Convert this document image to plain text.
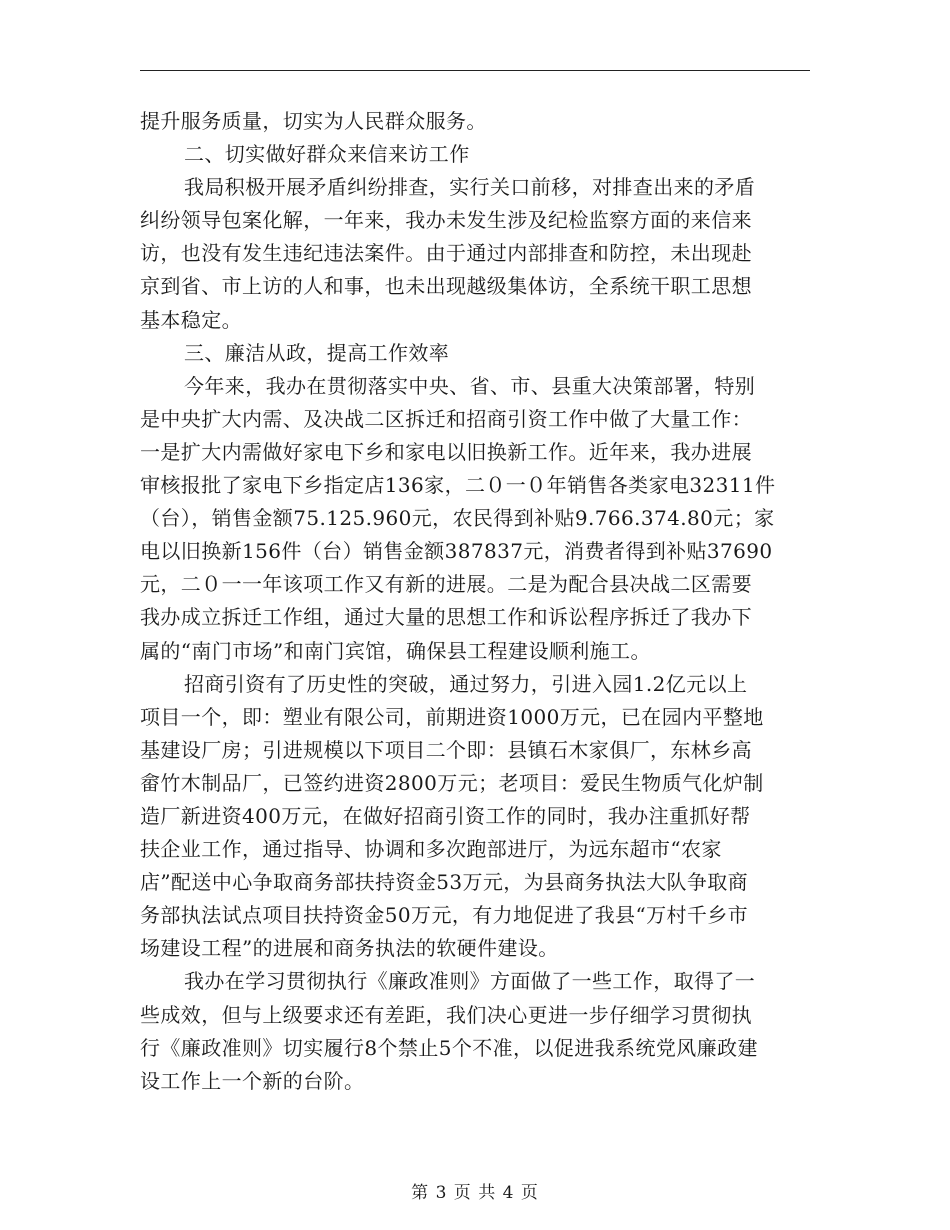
提升服务质量，切实为人民群众服务。
二、切实做好群众来信来访工作
我局积极开展矛盾纠纷排查，实行关口前移，对排查出来的矛盾
纠纷领导包案化解，一年来，我办未发生涉及纪检监察方面的来信来
访，也没有发生违纪违法案件。由于通过内部排查和防控，未出现赴
京到省、市上访的人和事，也未出现越级集体访，全系统干职工思想
基本稳定。
三、廉洁从政，提高工作效率
今年来，我办在贯彻落实中央、省、市、县重大决策部署，特别
是中央扩大内需、及决战二区拆迁和招商引资工作中做了大量工作：
一是扩大内需做好家电下乡和家电以旧换新工作。近年来，我办进展
审核报批了家电下乡指定店136家，二０一０年销售各类家电32311件
（台），销售金额75.125.960元，农民得到补贴9.766.374.80元；家
电以旧换新156件（台）销售金额387837元，消费者得到补贴37690
元，二０一一年该项工作又有新的进展。二是为配合县决战二区需要
我办成立拆迁工作组，通过大量的思想工作和诉讼程序拆迁了我办下
属的“南门市场”和南门宾馆，确保县工程建设顺利施工。
招商引资有了历史性的突破，通过努力，引进入园1.2亿元以上
项目一个，即：塑业有限公司，前期进资1000万元，已在园内平整地
基建设厂房；引进规模以下项目二个即：县镇石木家俱厂，东林乡高
畲竹木制品厂，已签约进资2800万元；老项目：爱民生物质气化炉制
造厂新进资400万元，在做好招商引资工作的同时，我办注重抓好帮
扶企业工作，通过指导、协调和多次跑部进厅，为远东超市“农家
店”配送中心争取商务部扶持资金53万元，为县商务执法大队争取商
务部执法试点项目扶持资金50万元，有力地促进了我县“万村千乡市
场建设工程”的进展和商务执法的软硬件建设。
我办在学习贯彻执行《廉政准则》方面做了一些工作，取得了一
些成效，但与上级要求还有差距，我们决心更进一步仔细学习贯彻执
行《廉政准则》切实履行8个禁止5个不准，以促进我系统党风廉政建
设工作上一个新的台阶。
第 3 页 共 4 页
